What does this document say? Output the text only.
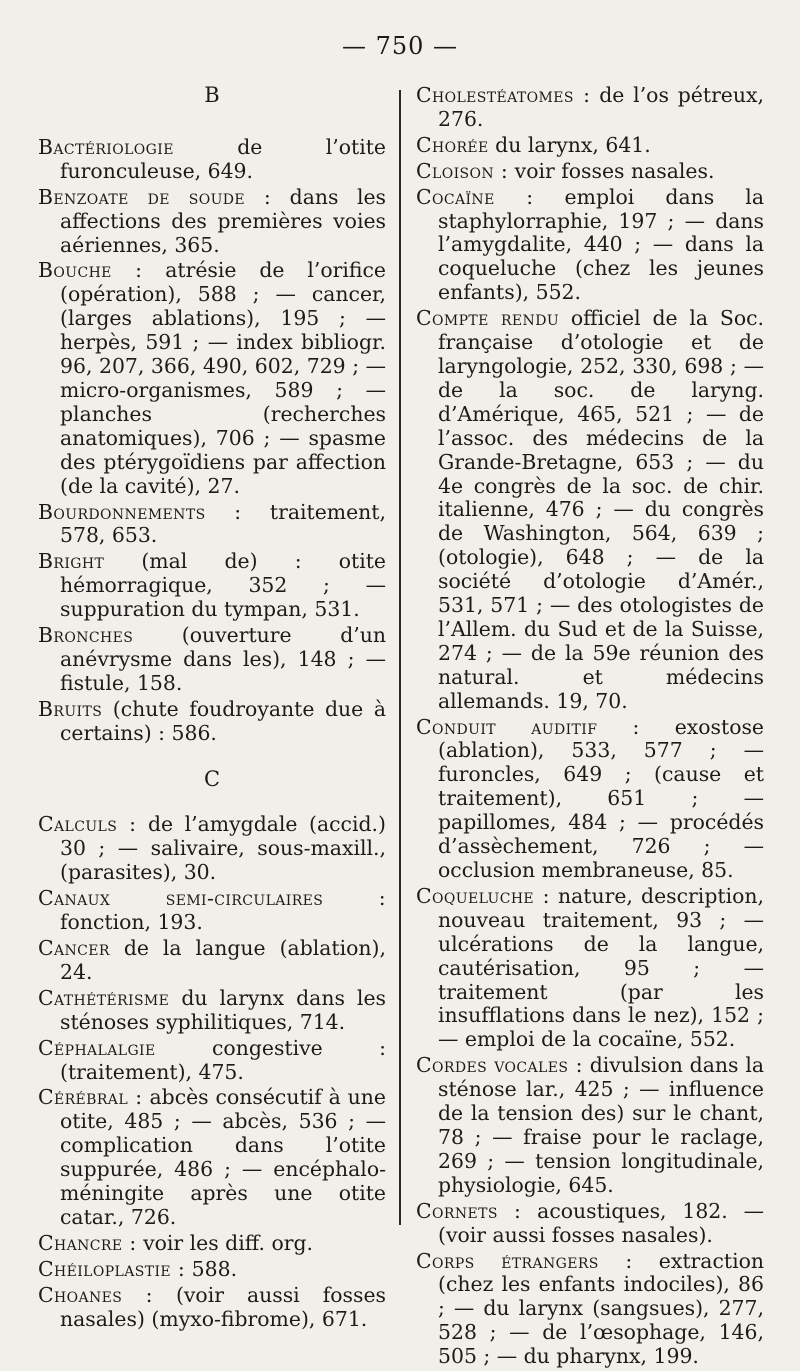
— 750 —
B

Bactériologie de l’otite furonculeuse, 649.

Benzoate de soude : dans les affections des premières voies aériennes, 365.

Bouche : atrésie de l’orifice (opération), 588 ; — cancer, (larges ablations), 195 ; — herpès, 591 ; — index bibliogr. 96, 207, 366, 490, 602, 729 ; — micro-organismes, 589 ; — planches (recherches anatomiques), 706 ; — spasme des ptérygoïdiens par affection (de la cavité), 27.

Bourdonnements : traitement, 578, 653.

Bright (mal de) : otite hémorragique, 352 ; — suppuration du tympan, 531.

Bronches (ouverture d’un anévrysme dans les), 148 ; — fistule, 158.

Bruits (chute foudroyante due à certains) : 586.

C

Calculs : de l’amygdale (accid.) 30 ; — salivaire, sous-maxill., (parasites), 30.

Canaux semi-circulaires : fonction, 193.

Cancer de la langue (ablation), 24.

Cathétérisme du larynx dans les sténoses syphilitiques, 714.

Céphalalgie congestive : (traitement), 475.

Cérébral : abcès consécutif à une otite, 485 ; — abcès, 536 ; — complication dans l’otite suppurée, 486 ; — encéphalo-méningite après une otite catar., 726.

Chancre : voir les diff. org.

Chéiloplastie : 588.

Choanes : (voir aussi fosses nasales) (myxo-fibrome), 671.

Cholestéatomes : de l’os pétreux, 276.

Chorée du larynx, 641.

Cloison : voir fosses nasales.

Cocaïne : emploi dans la staphylorraphie, 197 ; — dans l’amygdalite, 440 ; — dans la coqueluche (chez les jeunes enfants), 552.

Compte rendu officiel de la Soc. française d’otologie et de laryngologie, 252, 330, 698 ; — de la soc. de laryng. d’Amérique, 465, 521 ; — de l’assoc. des médecins de la Grande-Bretagne, 653 ; — du 4e congrès de la soc. de chir. italienne, 476 ; — du congrès de Washington, 564, 639 ; (otologie), 648 ; — de la société d’otologie d’Amér., 531, 571 ; — des otologistes de l’Allem. du Sud et de la Suisse, 274 ; — de la 59e réunion des natural. et médecins allemands. 19, 70.

Conduit auditif : exostose (ablation), 533, 577 ; — furoncles, 649 ; (cause et traitement), 651 ; — papillomes, 484 ; — procédés d’assèchement, 726 ; — occlusion membraneuse, 85.

Coqueluche : nature, description, nouveau traitement, 93 ; — ulcérations de la langue, cautérisation, 95 ; — traitement (par les insufflations dans le nez), 152 ; — emploi de la cocaïne, 552.

Cordes vocales : divulsion dans la sténose lar., 425 ; — influence de la tension des) sur le chant, 78 ; — fraise pour le raclage, 269 ; — tension longitudinale, physiologie, 645.

Cornets : acoustiques, 182. — (voir aussi fosses nasales).

Corps étrangers : extraction (chez les enfants indociles), 86 ; — du larynx (sangsues), 277, 528 ; — de l’œsophage, 146, 505 ; — du pharynx, 199.
